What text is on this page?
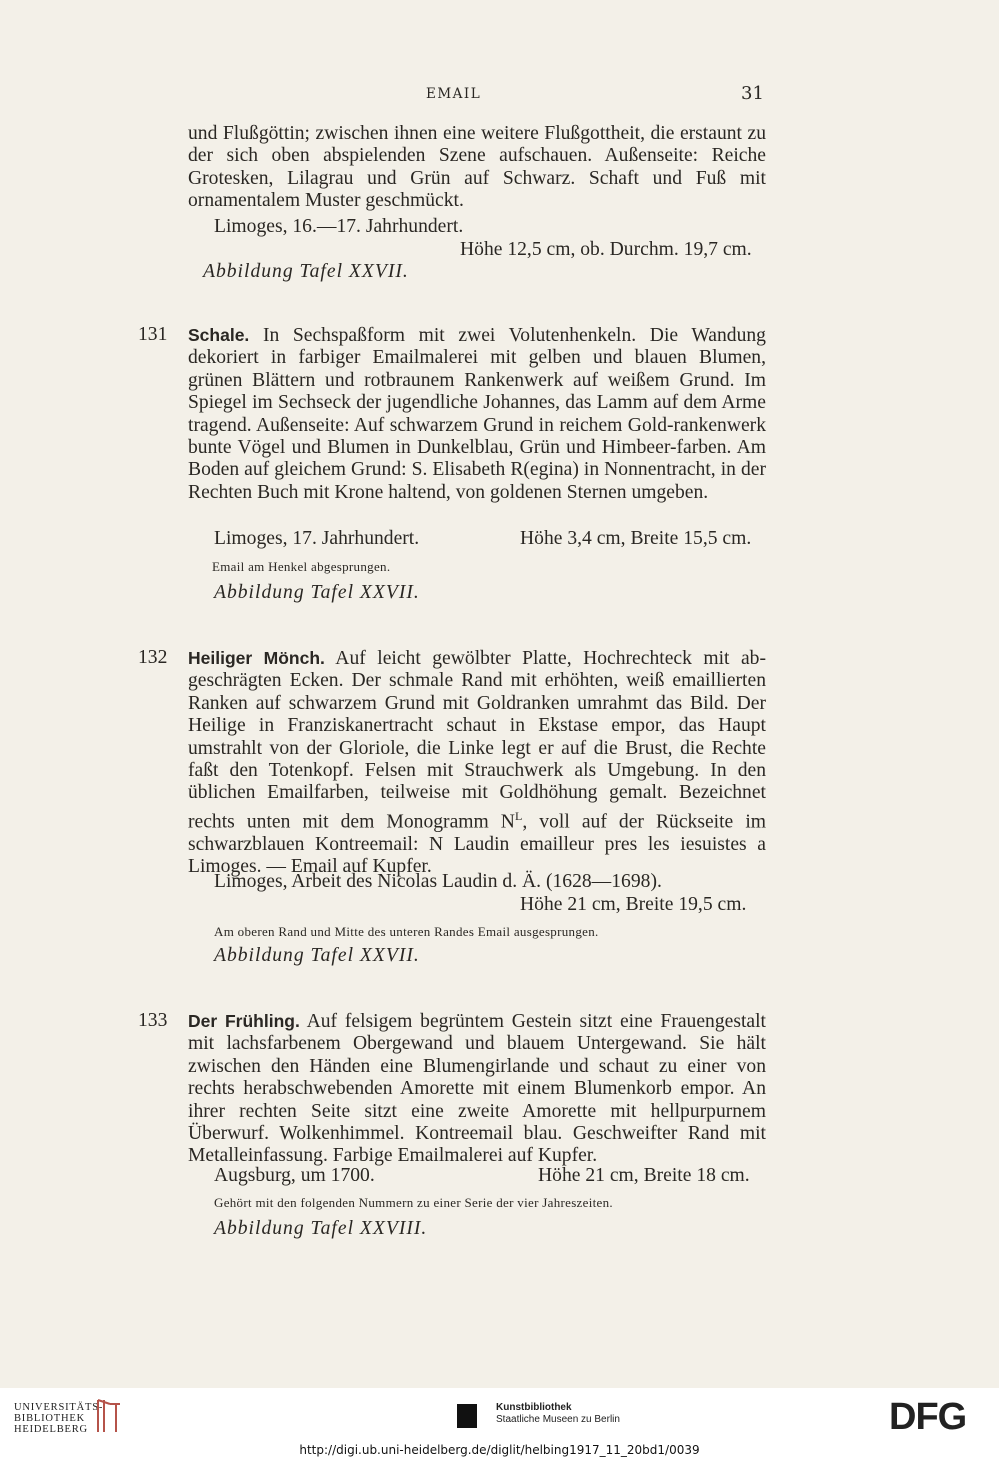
EMAIL	31

und Flußgöttin; zwischen ihnen eine weitere Flußgottheit, die erstaunt zu der sich oben abspielenden Szene aufschauen. Außenseite: Reiche Grotesken, Lilagrau und Grün auf Schwarz. Schaft und Fuß mit ornamentalem Muster geschmückt.

Limoges, 16.—17. Jahrhundert.
Höhe 12,5 cm, ob. Durchm. 19,7 cm.
Abbildung Tafel XXVII.
131 Schale. In Sechspaßform mit zwei Volutenhenkeln. Die Wandung dekoriert in farbiger Emailmalerei mit gelben und blauen Blumen, grünen Blättern und rotbraunem Rankenwerk auf weißem Grund. Im Spiegel im Sechseck der jugendliche Johannes, das Lamm auf dem Arme tragend. Außenseite: Auf schwarzem Grund in reichem Gold-rankenwerk bunte Vögel und Blumen in Dunkelblau, Grün und Himbeer-farben. Am Boden auf gleichem Grund: S. Elisabeth R(egina) in Nonnentracht, in der Rechten Buch mit Krone haltend, von goldenen Sternen umgeben.

Limoges, 17. Jahrhundert.	Höhe 3,4 cm, Breite 15,5 cm.
Email am Henkel abgesprungen.
Abbildung Tafel XXVII.
132 Heiliger Mönch. Auf leicht gewölbter Platte, Hochrechteck mit ab-geschrägten Ecken. Der schmale Rand mit erhöhten, weiß emaillierten Ranken auf schwarzem Grund mit Goldranken umrahmt das Bild. Der Heilige in Franziskanertracht schaut in Ekstase empor, das Haupt umstrahlt von der Gloriole, die Linke legt er auf die Brust, die Rechte faßt den Totenkopf. Felsen mit Strauchwerk als Umgebung. In den üblichen Emailfarben, teilweise mit Goldhöhung gemalt. Bezeichnet rechts unten mit dem Monogramm $N^L$, voll auf der Rückseite im schwarzblauen Kontreemail: N Laudin emailleur pres les iesuistes a Limoges. — Email auf Kupfer.

Limoges, Arbeit des Nicolas Laudin d. Ä. (1628—1698).
Höhe 21 cm, Breite 19,5 cm.
Am oberen Rand und Mitte des unteren Randes Email ausgesprungen.
Abbildung Tafel XXVII.
133 Der Frühling. Auf felsigem begrüntem Gestein sitzt eine Frauengestalt mit lachsfarbenem Obergewand und blauem Untergewand. Sie hält zwischen den Händen eine Blumengirlande und schaut zu einer von rechts herabschwebenden Amorette mit einem Blumenkorb empor. An ihrer rechten Seite sitzt eine zweite Amorette mit hellpurpurnem Überwurf. Wolkenhimmel. Kontreemail blau. Geschweifter Rand mit Metalleinfassung. Farbige Emailmalerei auf Kupfer.

Augsburg, um 1700.	Höhe 21 cm, Breite 18 cm.
Gehört mit den folgenden Nummern zu einer Serie der vier Jahreszeiten.
Abbildung Tafel XXVIII.
UNIVERSITÄTS-
BIBLIOTHEK
HEIDELBERG
Kunstbibliothek
Staatliche Museen zu Berlin	DFG
http://digi.ub.uni-heidelberg.de/diglit/helbing1917_11_20bd1/0039
